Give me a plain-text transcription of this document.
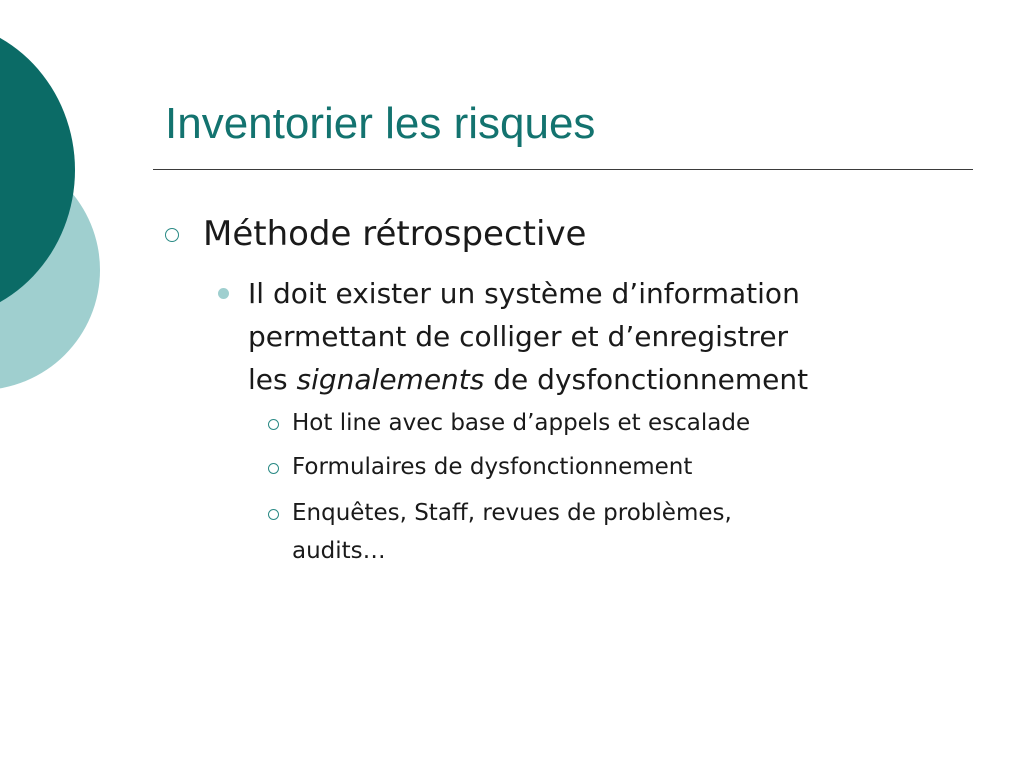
Inventorier les risques
Méthode rétrospective
Il doit exister un système d’information
permettant de colliger et d’enregistrer
les signalements de dysfonctionnement
Hot line avec base d’appels et escalade
Formulaires de dysfonctionnement
Enquêtes, Staff, revues de problèmes,
audits…
